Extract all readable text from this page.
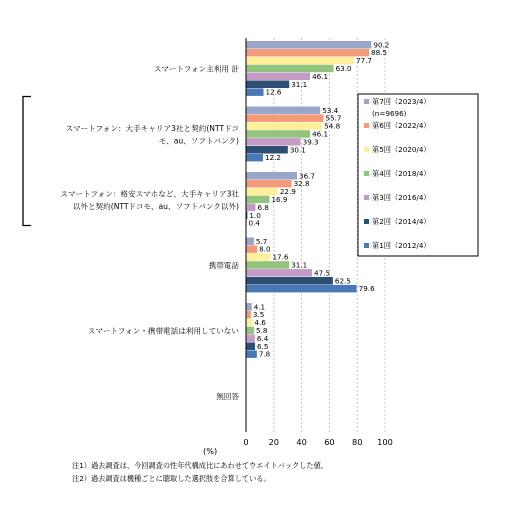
90.2
53.4
36.7
5.7
4.1
88.5
55.7
32.8
8.0
3.5
77.7
54.8
22.9
17.6
4.6
63.0
46.1
16.9
31.1
5.8
46.1
39.3
6.8
47.5
6.4
31.1
30.1
1.0
62.5
6.5
12.6
12.2
0.4
79.6
7.8
スマートフォン主利用 計
スマートフォン：大手キャリア3社と契約(NTTドコモ、au、ソフトバンク)
スマートフォン：格安スマホなど、大手キャリア3社以外と契約(NTTドコモ、au、ソフトバンク以外)
携帯電話
スマートフォン・携帯電話は利用していない
無回答
0 20 40 60 80 100
(%)
第7回（2023/4）
(n=9696)
第6回（2022/4）
第5回（2020/4）
第4回（2018/4）
第3回（2016/4）
第2回（2014/4）
第1回（2012/4）
注1）過去調査は、今回調査の性年代構成比にあわせてウエイトバックした値。
注2）過去調査は機種ごとに聴取した選択肢を合算している。
